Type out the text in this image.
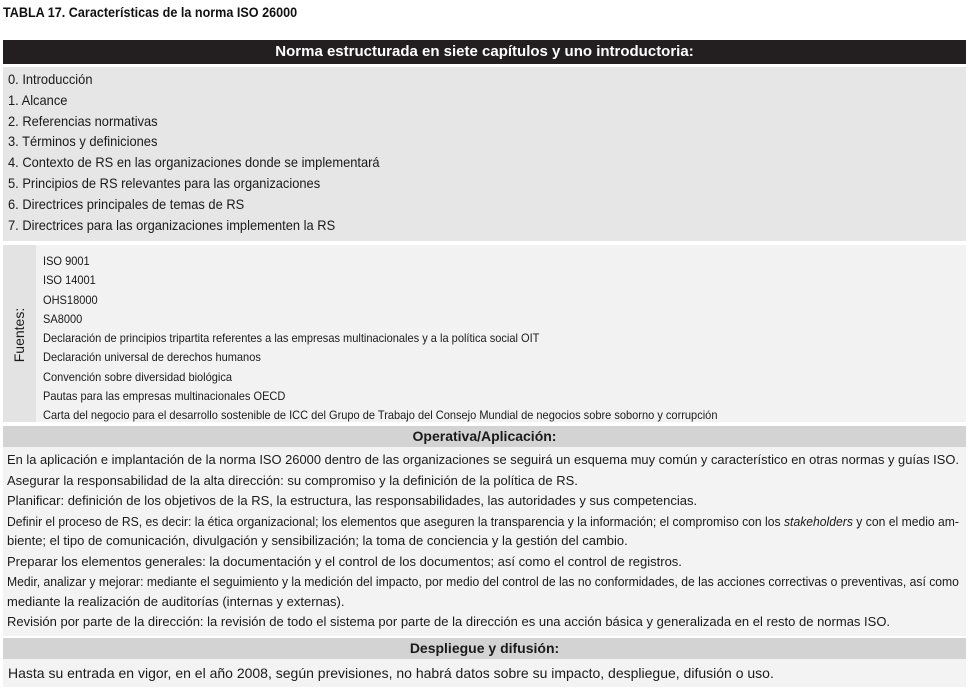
TABLA 17. Características de la norma ISO 26000
Norma estructurada en siete capítulos y uno introductoria:
0. Introducción
1. Alcance
2. Referencias normativas
3. Términos y definiciones
4. Contexto de RS en las organizaciones donde se implementará
5. Principios de RS relevantes para las organizaciones
6. Directrices principales de temas de RS
7. Directrices para las organizaciones implementen la RS
Fuentes:
ISO 9001
ISO 14001
OHS18000
SA8000
Declaración de principios tripartita referentes a las empresas multinacionales y a la política social OIT
Declaración universal de derechos humanos
Convención sobre diversidad biológica
Pautas para las empresas multinacionales OECD
Carta del negocio para el desarrollo sostenible de ICC del Grupo de Trabajo del Consejo Mundial de negocios sobre soborno y corrupción
Operativa/Aplicación:
En la aplicación e implantación de la norma ISO 26000 dentro de las organizaciones se seguirá un esquema muy común y característico en otras normas y guías ISO.
Asegurar la responsabilidad de la alta dirección: su compromiso y la definición de la política de RS.
Planificar: definición de los objetivos de la RS, la estructura, las responsabilidades, las autoridades y sus competencias.
Definir el proceso de RS, es decir: la ética organizacional; los elementos que aseguren la transparencia y la información; el compromiso con los stakeholders y con el medio am-
biente; el tipo de comunicación, divulgación y sensibilización; la toma de conciencia y la gestión del cambio.
Preparar los elementos generales: la documentación y el control de los documentos; así como el control de registros.
Medir, analizar y mejorar: mediante el seguimiento y la medición del impacto, por medio del control de las no conformidades, de las acciones correctivas o preventivas, así como
mediante la realización de auditorías (internas y externas).
Revisión por parte de la dirección: la revisión de todo el sistema por parte de la dirección es una acción básica y generalizada en el resto de normas ISO.
Despliegue y difusión:
Hasta su entrada en vigor, en el año 2008, según previsiones, no habrá datos sobre su impacto, despliegue, difusión o uso.
